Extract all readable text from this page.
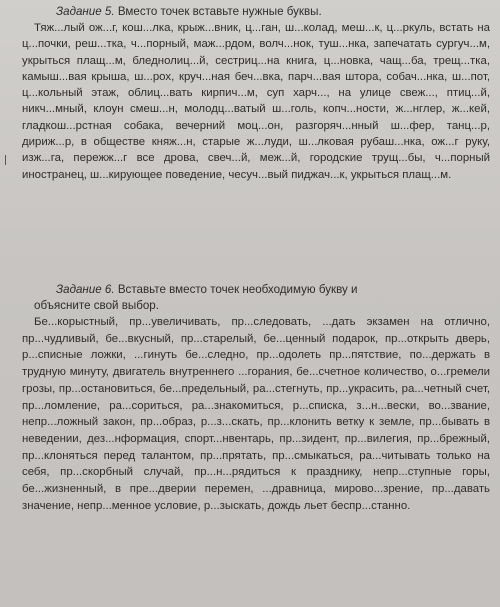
Задание 5. Вместо точек вставьте нужные буквы.

Тяж...лый ож...г, кош...лка, крыж...вник, ц...ган, ш...колад, меш...к, ц...ркуль, встать на ц...почки, реш...тка, ч...порный, маж...рдом, волч...нок, туш...нка, запечатать сургуч...м, укрыться плащ...м, бледнолиц...й, сестриц...на книга, ц...новка, чащ...ба, трещ...тка, камыш...вая крыша, ш...рох, круч...ная беч...вка, парч...вая штора, собач...нка, ш...пот, ц...кольный этаж, облиц...вать кирпич...м, суп харч..., на улице свеж..., птиц...й, никч...мный, клоун смеш...н, молодц...ватый ш...голь, копч...ности, ж...нглер, ж...кей, гладкош...рстная собака, вечерний моц...он, разгоряч...нный ш...фер, танц...р, дириж...р, в обществе княж...н, старые ж...луди, ш...лковая рубаш...нка, ож...г руку, изж...га, пережж...г все дрова, свеч...й, меж...й, городские трущ...бы, ч...порный иностранец, ш...кирующее поведение, чесуч...вый пиджач...к, укрыться плащ...м.

Задание 6. Вставьте вместо точек необходимую букву и

объясните свой выбор.

Бе...корыстный, пр...увеличивать, пр...следовать, ...дать экзамен на отлично, пр...чудливый, бе...вкусный, пр...старелый, бе...ценный подарок, пр...открыть дверь, р...списные ложки, ...гинуть бе...следно, пр...одолеть пр...пятствие, по...держать в трудную минуту, двигатель внутреннего ...горания, бе...счетное количество, о...гремели грозы, пр...остановиться, бе...предельный, ра...стегнуть, пр...украсить, ра...четный счет, пр...ломление, ра...сориться, ра...знакомиться, р...списка, з...н...вески, во...звание, непр...ложный закон, пр...образ, р...з...скать, пр...клонить ветку к земле, пр...бывать в неведении, дез...нформация, спорт...нвентарь, пр...зидент, пр...вилегия, пр...брежный, пр...клоняться перед талантом, пр...прятать, пр...смыкаться, ра...читывать только на себя, пр...скорбный случай, пр...н...рядиться к празднику, непр...ступные горы, бе...жизненный, в пре...дверии перемен, ...дравница, мирово...зрение, пр...давать значение, непр...менное условие, р...зыскать, дождь льет беспр...станно.
